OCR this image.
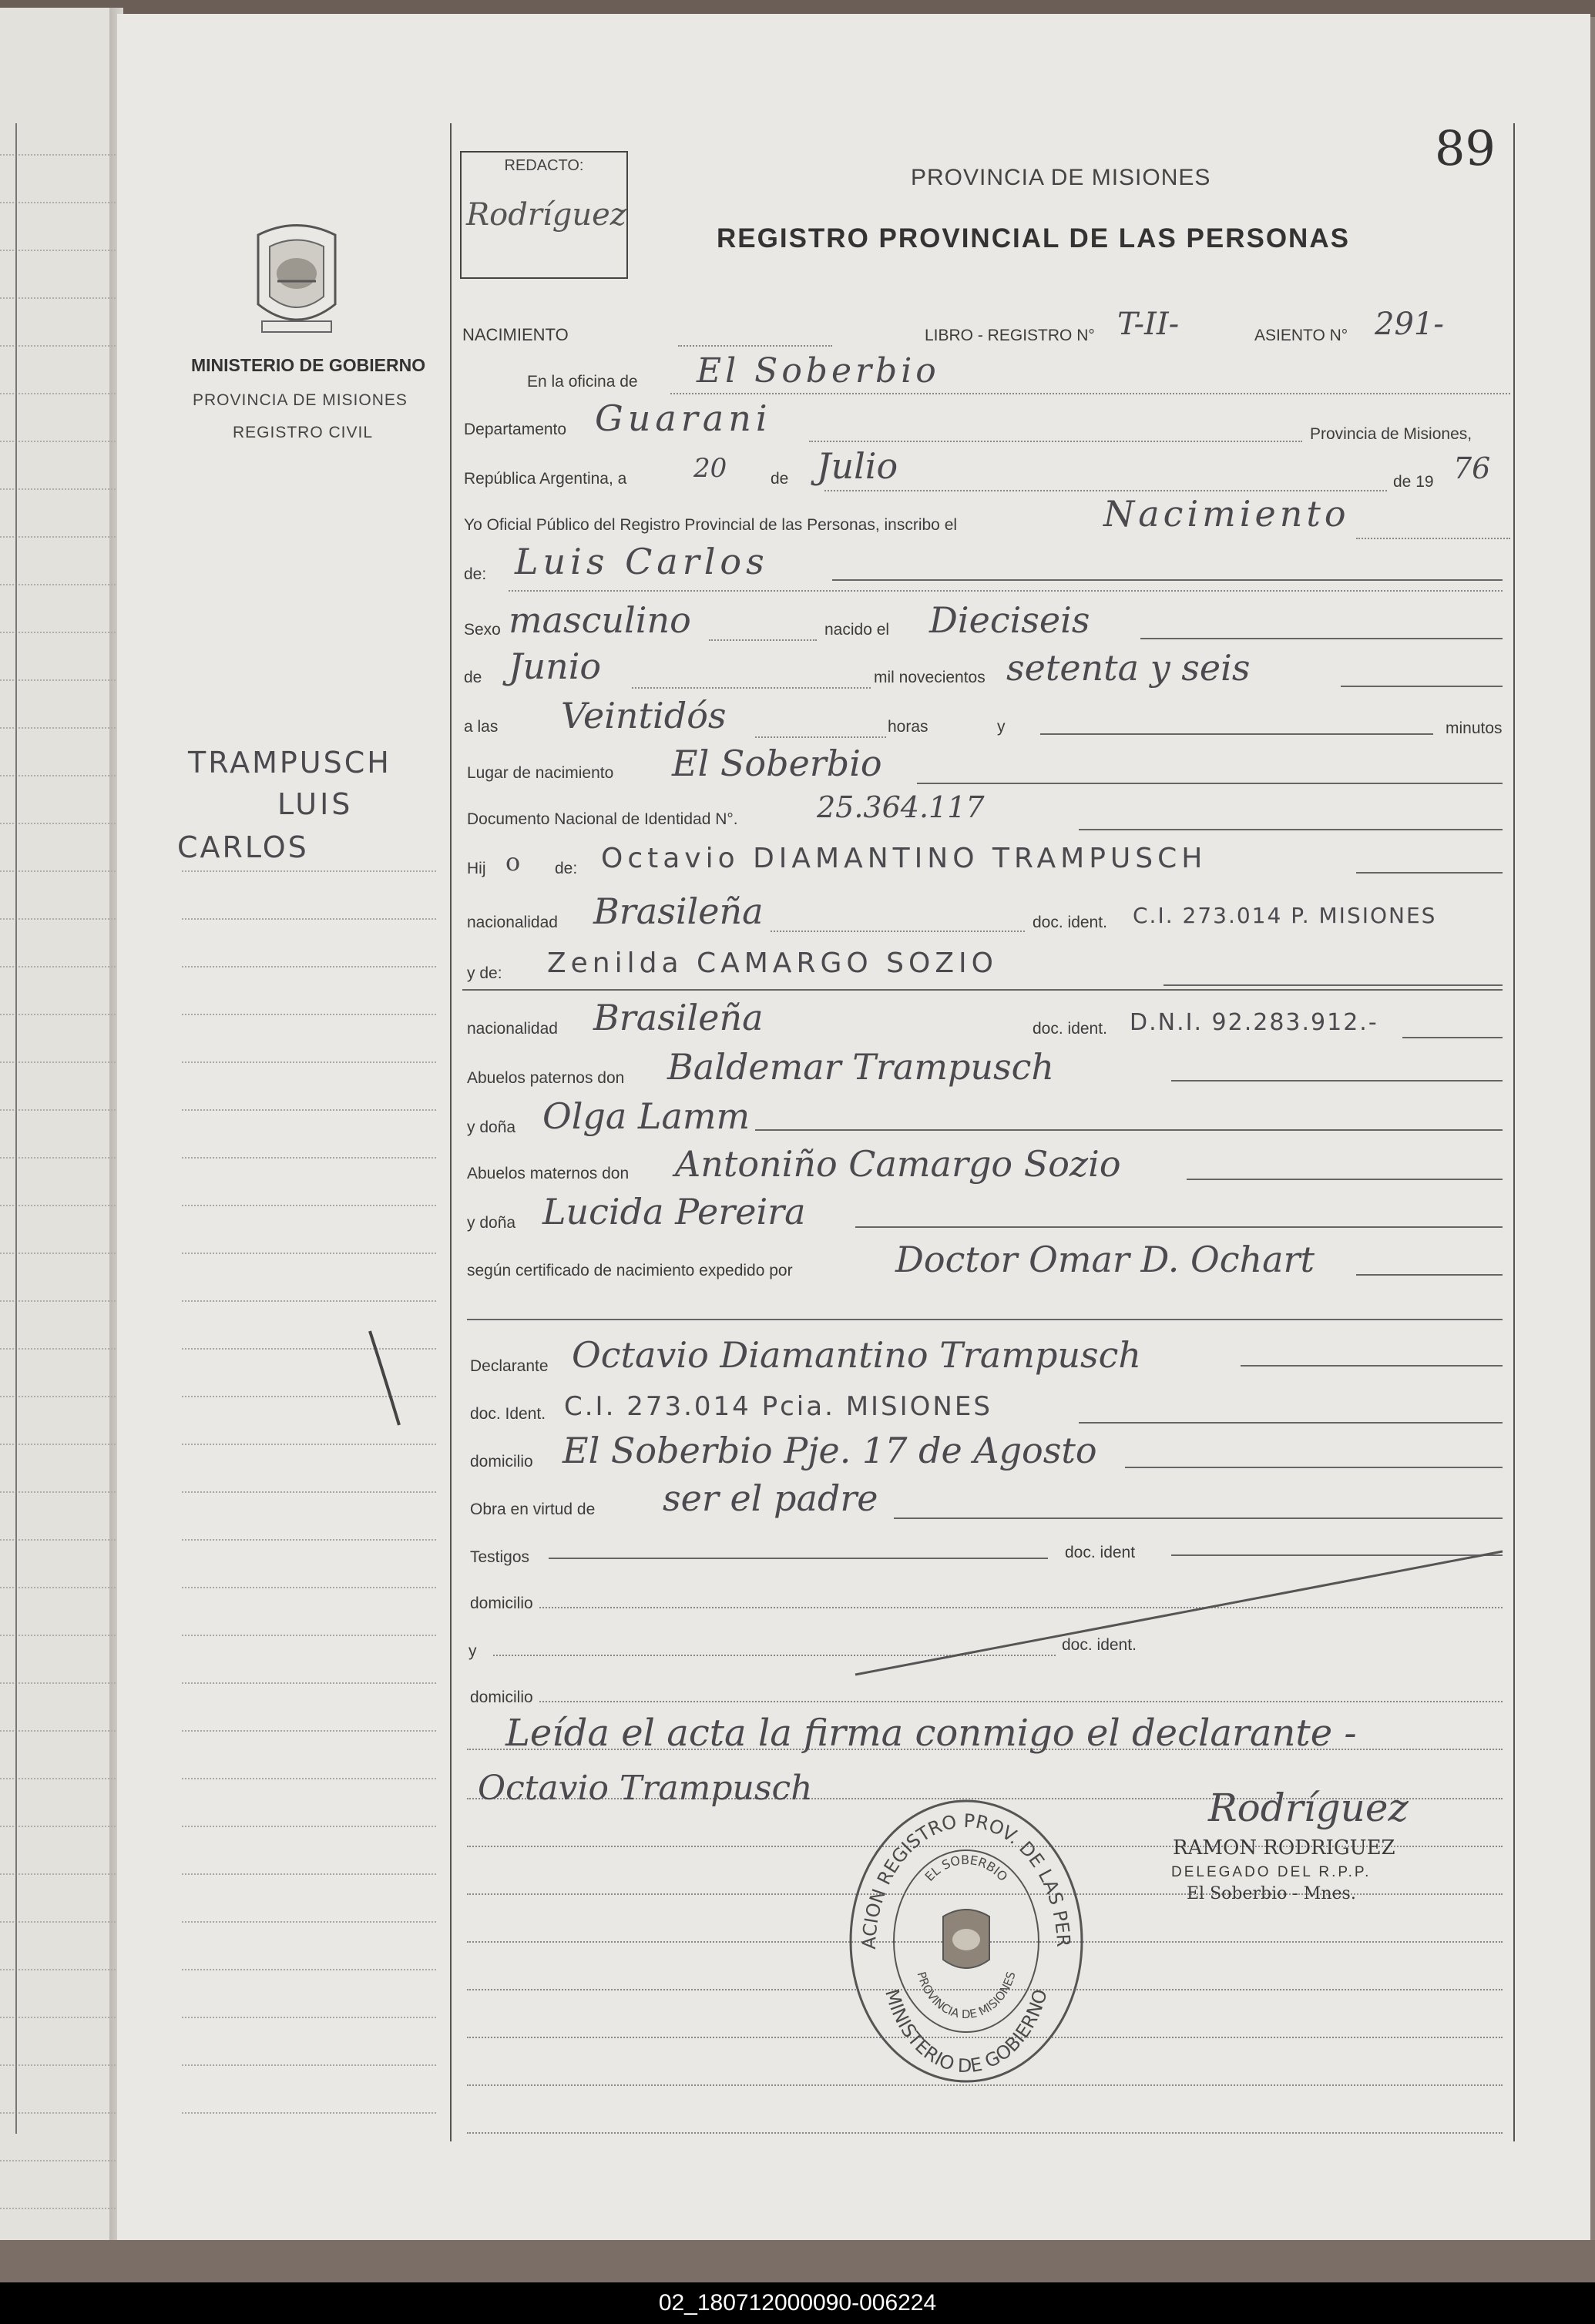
REDACTO:
Rodríguez
89
PROVINCIA DE MISIONES
REGISTRO PROVINCIAL DE LAS PERSONAS
MINISTERIO DE GOBIERNO
PROVINCIA DE MISIONES
REGISTRO CIVIL
TRAMPUSCH
LUIS
CARLOS
NACIMIENTO	LIBRO - REGISTRO N° T-II-	ASIENTO N° 291-
En la oficina de El Soberbio
Departamento Guarani	Provincia de Misiones,
República Argentina, a	20	de Julio	de 19 76
Yo Oficial Público del Registro Provincial de las Personas, inscribo el	Nacimiento
de: Luis Carlos
Sexo masculino	nacido el Dieciseis
de Junio	mil novecientos setenta y seis
a las Veintidós	horas	y	minutos
Lugar de nacimiento El Soberbio
Documento Nacional de Identidad N°.	25.364.117
Hij o de: Octavio DIAMANTINO TRAMPUSCH
nacionalidad Brasileña	doc. ident. C.I. 273.014 P. MISIONES
y de: Zenilda CAMARGO SOZIO
nacionalidad Brasileña	doc. ident. D.N.I. 92.283.912.-
Abuelos paternos don Baldemar Trampusch
y doña Olga Lamm
Abuelos maternos don Antoniño Camargo Sozio
y doña Lucida Pereira
según certificado de nacimiento expedido por	Doctor Omar D. Ochart
Declarante Octavio Diamantino Trampusch
doc. Ident. C.I. 273.014 Pcia. MISIONES
domicilio El Soberbio Pje. 17 de Agosto
Obra en virtud de ser el padre
Testigos	doc. ident
domicilio
y	doc. ident.
domicilio
Leída el acta la firma conmigo el declarante -
Octavio Trampusch
ACION REGISTRO PROV. DE LAS PER
MINISTERIO DE GOBIERNO
EL SOBERBIO
PROVINCIA DE MISIONES
Rodríguez
RAMON RODRIGUEZ
DELEGADO DEL R.P.P.
El Soberbio - Mnes.
02_180712000090-006224
